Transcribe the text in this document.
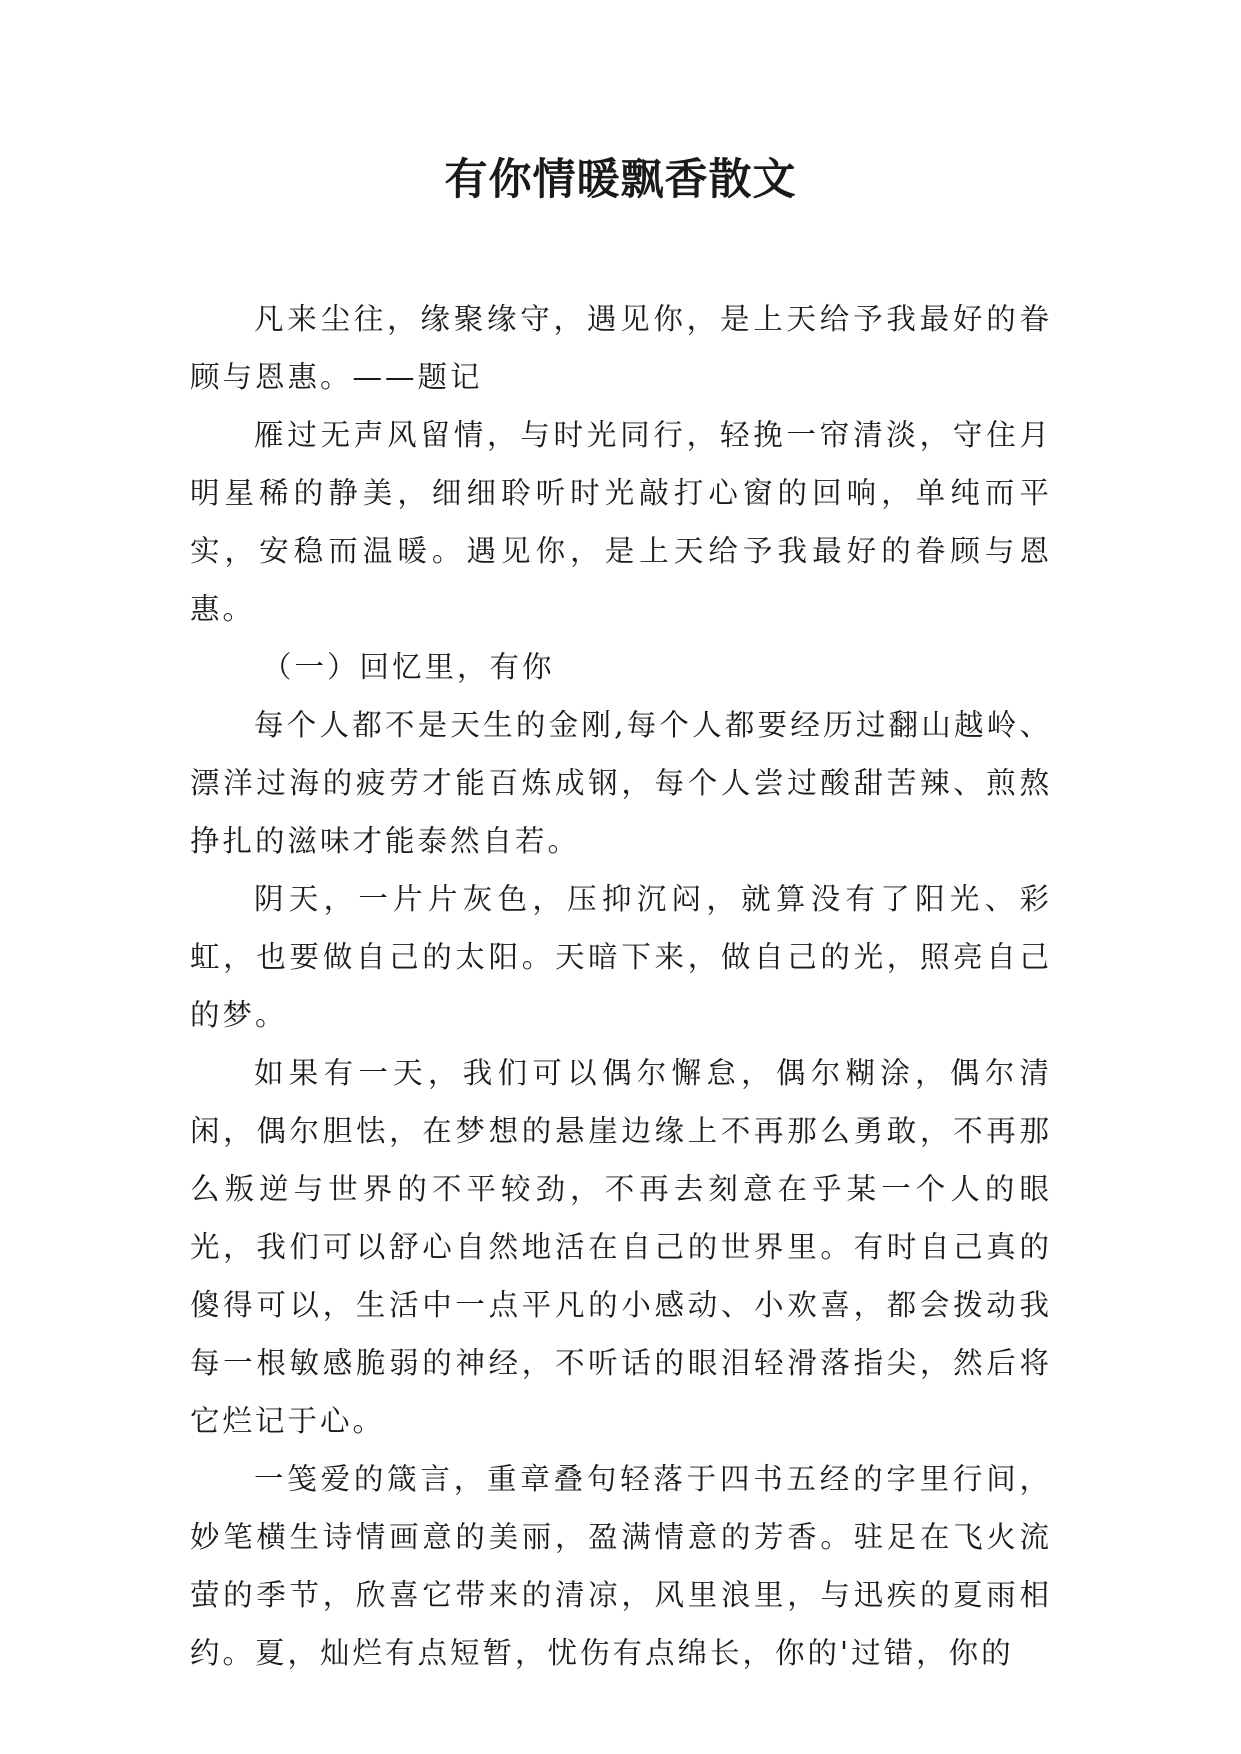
有你情暖飘香散文

凡来尘往，缘聚缘守，遇见你，是上天给予我最好的眷顾与恩惠。——题记

雁过无声风留情，与时光同行，轻挽一帘清淡，守住月明星稀的静美，细细聆听时光敲打心窗的回响，单纯而平实，安稳而温暖。遇见你，是上天给予我最好的眷顾与恩惠。

（一）回忆里，有你

每个人都不是天生的金刚,每个人都要经历过翻山越岭、漂洋过海的疲劳才能百炼成钢，每个人尝过酸甜苦辣、煎熬挣扎的滋味才能泰然自若。

阴天，一片片灰色，压抑沉闷，就算没有了阳光、彩虹，也要做自己的太阳。天暗下来，做自己的光，照亮自己的梦。

如果有一天，我们可以偶尔懈怠，偶尔糊涂，偶尔清闲，偶尔胆怯，在梦想的悬崖边缘上不再那么勇敢，不再那么叛逆与世界的不平较劲，不再去刻意在乎某一个人的眼光，我们可以舒心自然地活在自己的世界里。有时自己真的傻得可以，生活中一点平凡的小感动、小欢喜，都会拨动我每一根敏感脆弱的神经，不听话的眼泪轻滑落指尖，然后将它烂记于心。

一笺爱的箴言，重章叠句轻落于四书五经的字里行间，妙笔横生诗情画意的美丽，盈满情意的芳香。驻足在飞火流萤的季节，欣喜它带来的清凉，风里浪里，与迅疾的夏雨相约。夏，灿烂有点短暂，忧伤有点绵长，你的'过错，你的
